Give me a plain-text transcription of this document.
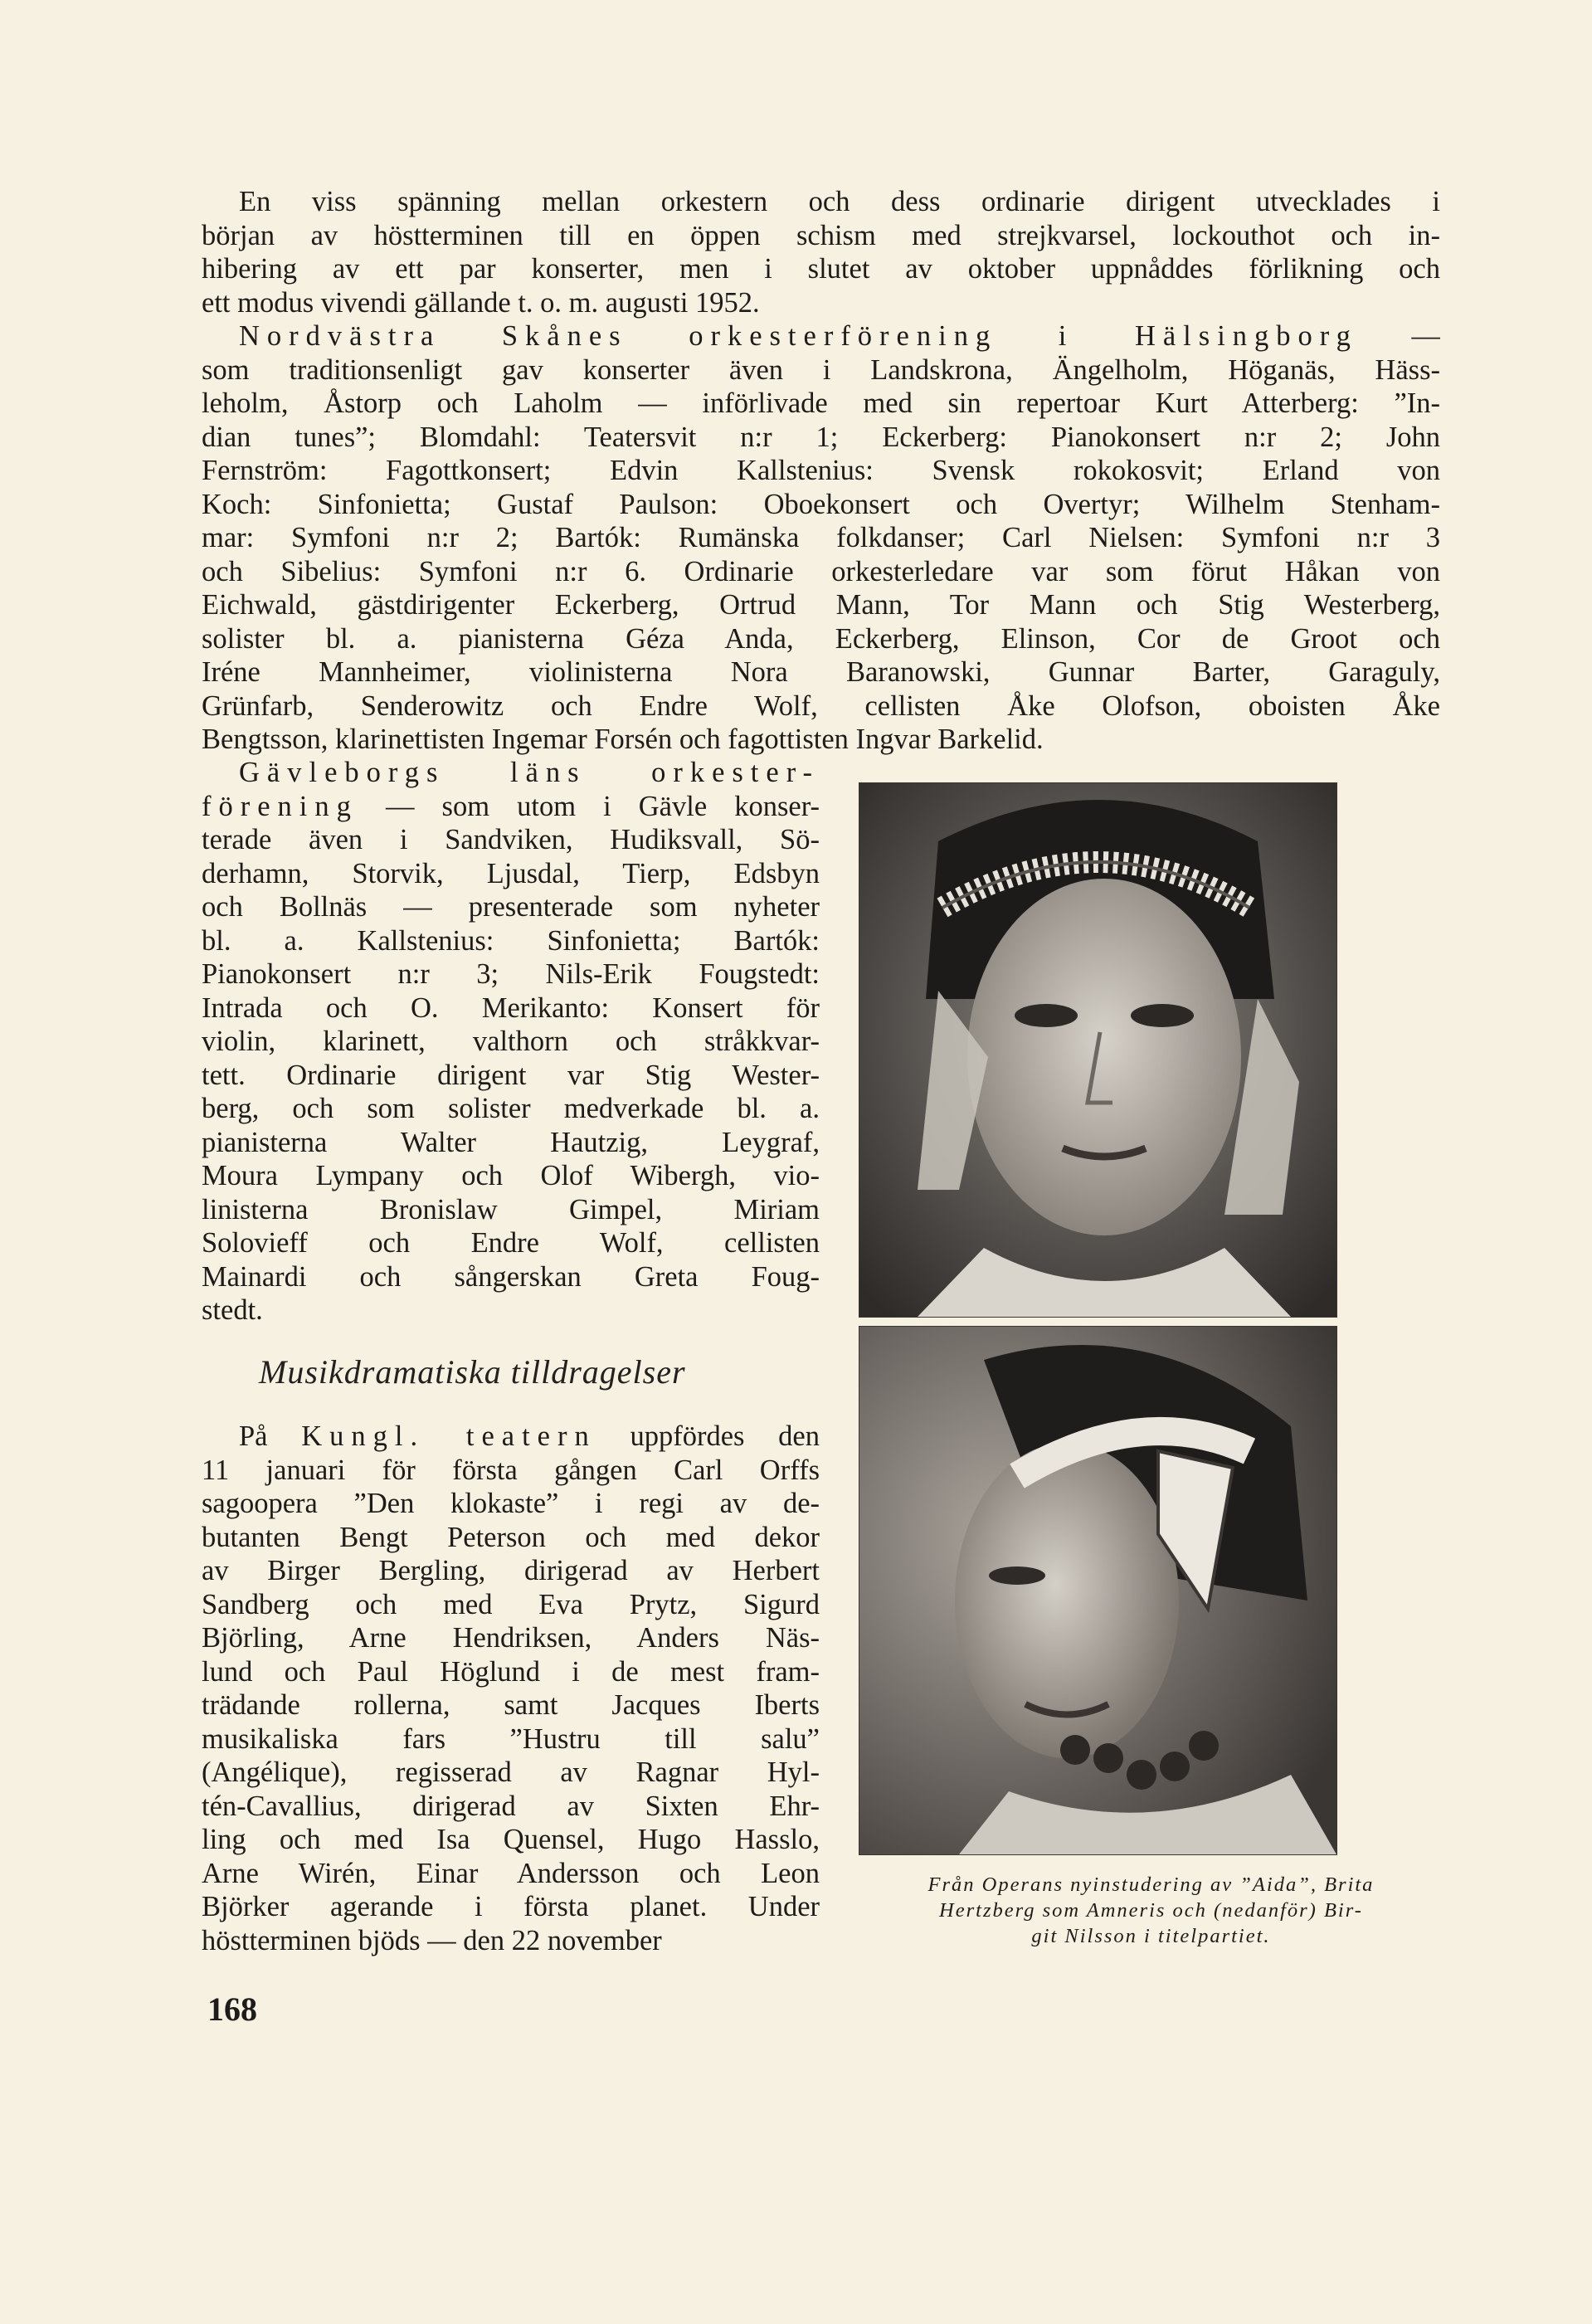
En viss spänning mellan orkestern och dess ordinarie dirigent utvecklades i
början av höstterminen till en öppen schism med strejkvarsel, lockouthot och in-
hibering av ett par konserter, men i slutet av oktober uppnåddes förlikning och
ett modus vivendi gällande t. o. m. augusti 1952.
Nordvästra Skånes orkesterförening i Hälsingborg —
som traditionsenligt gav konserter även i Landskrona, Ängelholm, Höganäs, Häss-
leholm, Åstorp och Laholm — införlivade med sin repertoar Kurt Atterberg: ”In-
dian tunes”; Blomdahl: Teatersvit n:r 1; Eckerberg: Pianokonsert n:r 2; John
Fernström: Fagottkonsert; Edvin Kallstenius: Svensk rokokosvit; Erland von
Koch: Sinfonietta; Gustaf Paulson: Oboekonsert och Overtyr; Wilhelm Stenham-
mar: Symfoni n:r 2; Bartók: Rumänska folkdanser; Carl Nielsen: Symfoni n:r 3
och Sibelius: Symfoni n:r 6. Ordinarie orkesterledare var som förut Håkan von
Eichwald, gästdirigenter Eckerberg, Ortrud Mann, Tor Mann och Stig Westerberg,
solister bl. a. pianisterna Géza Anda, Eckerberg, Elinson, Cor de Groot och
Iréne Mannheimer, violinisterna Nora Baranowski, Gunnar Barter, Garaguly,
Grünfarb, Senderowitz och Endre Wolf, cellisten Åke Olofson, oboisten Åke
Bengtsson, klarinettisten Ingemar Forsén och fagottisten Ingvar Barkelid.
Gävleborgs läns orkester-
förening — som utom i Gävle konser-
terade även i Sandviken, Hudiksvall, Sö-
derhamn, Storvik, Ljusdal, Tierp, Edsbyn
och Bollnäs — presenterade som nyheter
bl. a. Kallstenius: Sinfonietta; Bartók:
Pianokonsert n:r 3; Nils-Erik Fougstedt:
Intrada och O. Merikanto: Konsert för
violin, klarinett, valthorn och stråkkvar-
tett. Ordinarie dirigent var Stig Wester-
berg, och som solister medverkade bl. a.
pianisterna Walter Hautzig, Leygraf,
Moura Lympany och Olof Wibergh, vio-
linisterna Bronislaw Gimpel, Miriam
Solovieff och Endre Wolf, cellisten
Mainardi och sångerskan Greta Foug-
stedt.
Musikdramatiska tilldragelser
På Kungl. teatern uppfördes den
11 januari för första gången Carl Orffs
sagoopera ”Den klokaste” i regi av de-
butanten Bengt Peterson och med dekor
av Birger Bergling, dirigerad av Herbert
Sandberg och med Eva Prytz, Sigurd
Björling, Arne Hendriksen, Anders Näs-
lund och Paul Höglund i de mest fram-
trädande rollerna, samt Jacques Iberts
musikaliska fars ”Hustru till salu”
(Angélique), regisserad av Ragnar Hyl-
tén-Cavallius, dirigerad av Sixten Ehr-
ling och med Isa Quensel, Hugo Hasslo,
Arne Wirén, Einar Andersson och Leon
Björker agerande i första planet. Under
höstterminen bjöds — den 22 november
Från Operans nyinstudering av ”Aida”, Brita
Hertzberg som Amneris och (nedanför) Bir-
git Nilsson i titelpartiet.
168
